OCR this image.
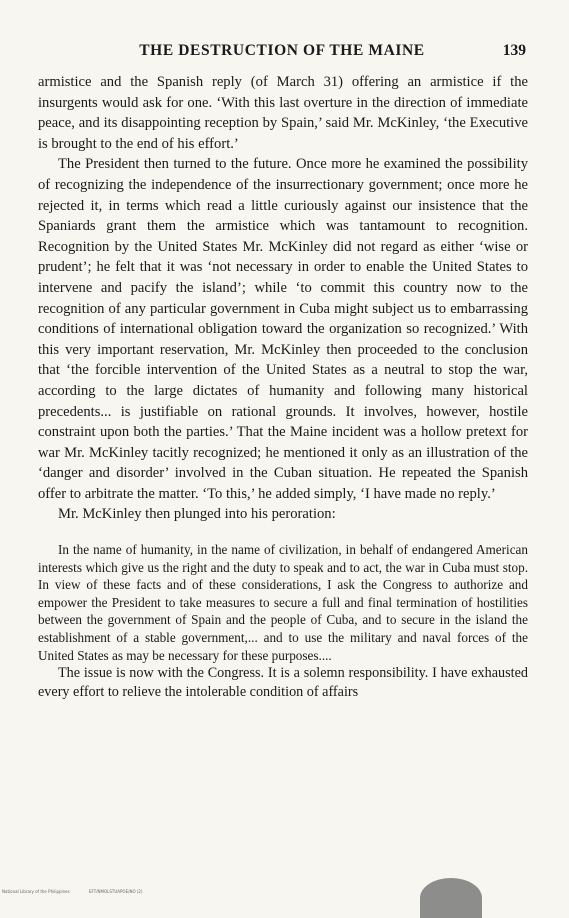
THE DESTRUCTION OF THE MAINE	139

armistice and the Spanish reply (of March 31) offering an armistice if the insurgents would ask for one. ‘With this last overture in the direction of immediate peace, and its disappointing reception by Spain,’ said Mr. McKinley, ‘the Executive is brought to the end of his effort.’

The President then turned to the future. Once more he examined the possibility of recognizing the independence of the insurrectionary government; once more he rejected it, in terms which read a little curiously against our insistence that the Spaniards grant them the armistice which was tantamount to recognition. Recognition by the United States Mr. McKinley did not regard as either ‘wise or prudent’; he felt that it was ‘not necessary in order to enable the United States to intervene and pacify the island’; while ‘to commit this country now to the recognition of any particular government in Cuba might subject us to embarrassing conditions of international obligation toward the organization so recognized.’ With this very important reservation, Mr. McKinley then proceeded to the conclusion that ‘the forcible intervention of the United States as a neutral to stop the war, according to the large dictates of humanity and following many historical precedents... is justifiable on rational grounds. It involves, however, hostile constraint upon both the parties.’ That the Maine incident was a hollow pretext for war Mr. McKinley tacitly recognized; he mentioned it only as an illustration of the ‘danger and disorder’ involved in the Cuban situation. He repeated the Spanish offer to arbitrate the matter. ‘To this,’ he added simply, ‘I have made no reply.’

Mr. McKinley then plunged into his peroration:

In the name of humanity, in the name of civilization, in behalf of endangered American interests which give us the right and the duty to speak and to act, the war in Cuba must stop. In view of these facts and of these considerations, I ask the Congress to authorize and empower the President to take measures to secure a full and final termination of hostilities between the government of Spain and the people of Cuba, and to secure in the island the establishment of a stable government,... and to use the military and naval forces of the United States as may be necessary for these purposes....

The issue is now with the Congress. It is a solemn responsibility. I have exhausted every effort to relieve the intolerable condition of affairs

National Library of the Philippines	EFT/NMOLSTUAPOE/NO (2)
